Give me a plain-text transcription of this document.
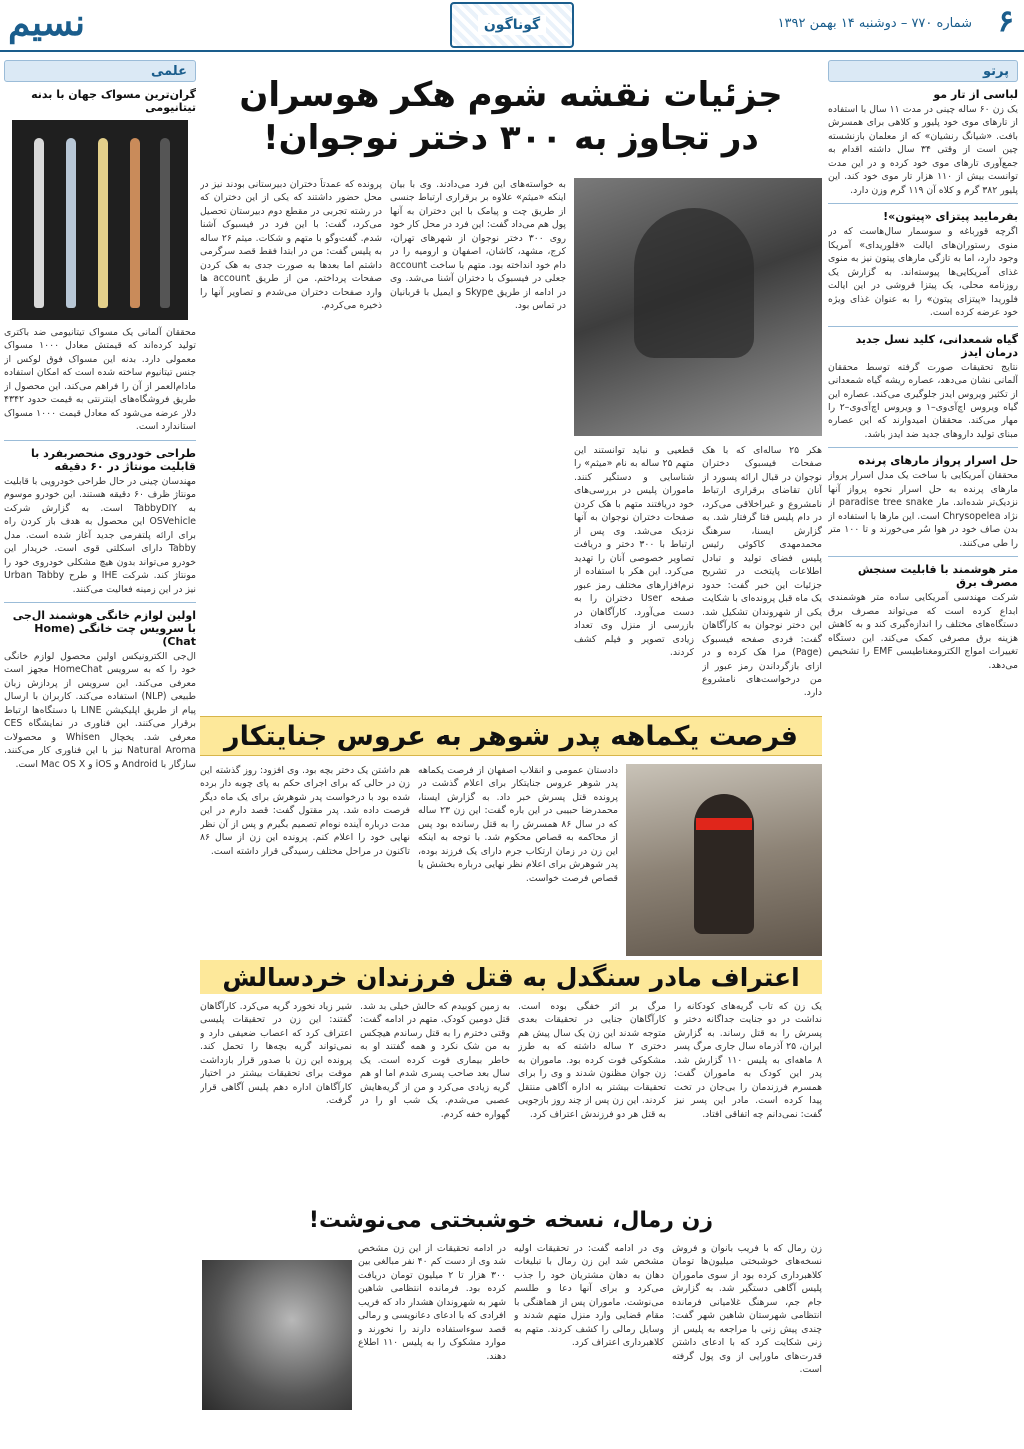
۶
شماره ۷۷۰ – دوشنبه ۱۴ بهمن ۱۳۹۲
گوناگون
نسیم
پرتو
لباسی از تار مو
یک زن ۶۰ ساله چینی در مدت ۱۱ سال با استفاده از تارهای موی خود پلیور و کلاهی برای همسرش بافت. «شیانگ رنشیان» که از معلمان بازنشسته چین است از وقتی ۳۴ سال داشته اقدام به جمع‌آوری تارهای موی خود کرده و در این مدت توانست بیش از ۱۱۰ هزار تار موی خود کند. این پلیور ۳۸۲ گرم و کلاه آن ۱۱۹ گرم وزن دارد.
بفرمایید پیتزای «پیتون»!
اگرچه قورباغه و سوسمار سال‌هاست که در منوی رستوران‌های ایالت «فلوریدای» آمریکا وجود دارد، اما به تازگی مارهای پیتون نیز به منوی غذای آمریکایی‌ها پیوسته‌اند. به گزارش یک روزنامه محلی، یک پیتزا فروشی در این ایالت فلوریدا «پیتزای پیتون» را به عنوان غذای ویژه خود عرضه کرده است.
گیاه شمعدانی، کلید نسل جدید درمان ایدز
نتایج تحقیقات صورت گرفته توسط محققان آلمانی نشان می‌دهد، عصاره ریشه گیاه شمعدانی از تکثیر ویروس ایدز جلوگیری می‌کند. عصاره این گیاه ویروس اچ‌آی‌وی–۱ و ویروس اچ‌آی‌وی–۲ را مهار می‌کند. محققان امیدوارند که این عصاره مبنای تولید داروهای جدید ضد ایدز باشد.
حل اسرار پرواز مارهای پرنده
محققان آمریکایی با ساخت یک مدل اسرار پرواز مارهای پرنده به حل اسرار نحوه پرواز آنها نزدیک‌تر شده‌اند. مار paradise tree snake از نژاد Chrysopelea است. این مارها با استفاده از بدن صاف خود در هوا سُر می‌خورند و تا ۱۰۰ متر را طی می‌کنند.
متر هوشمند با قابلیت سنجش مصرف برق
شرکت مهندسی آمریکایی ساده متر هوشمندی ابداع کرده است که می‌تواند مصرف برق دستگاه‌های مختلف را اندازه‌گیری کند و به کاهش هزینه برق مصرفی کمک می‌کند. این دستگاه تغییرات امواج الکترومغناطیسی EMF را تشخیص می‌دهد.
علمی
گران‌ترین مسواک جهان با بدنه تیتانیومی
محققان آلمانی یک مسواک تیتانیومی ضد باکتری تولید کرده‌اند که قیمتش معادل ۱۰۰۰ مسواک معمولی دارد. بدنه این مسواک فوق لوکس از جنس تیتانیوم ساخته شده است که امکان استفاده مادام‌العمر از آن را فراهم می‌کند. این محصول از طریق فروشگاه‌های اینترنتی به قیمت حدود ۴۳۴۲ دلار عرضه می‌شود که معادل قیمت ۱۰۰۰ مسواک استاندارد است.
طراحی خودروی منحصربفرد با قابلیت مونتاژ در ۶۰ دقیقه
مهندسان چینی در حال طراحی خودرویی با قابلیت مونتاژ ظرف ۶۰ دقیقه هستند. این خودرو موسوم به TabbyDIY است. به گزارش شرکت OSVehicle این محصول به هدف باز کردن راه برای ارائه پلتفرمی جدید آغاز شده است. مدل Tabby دارای اسکلتی قوی است. خریدار این خودرو می‌تواند بدون هیچ مشکلی خودروی خود را مونتاژ کند. شرکت IHE و طرح Urban Tabby نیز در این زمینه فعالیت می‌کنند.
اولین لوازم خانگی هوشمند ال‌جی با سرویس چت خانگی (Home Chat)
ال‌جی الکترونیکس اولین محصول لوازم خانگی خود را که به سرویس HomeChat مجهز است معرفی می‌کند. این سرویس از پردازش زبان طبیعی (NLP) استفاده می‌کند. کاربران با ارسال پیام از طریق اپلیکیشن LINE با دستگاه‌ها ارتباط برقرار می‌کنند. این فناوری در نمایشگاه CES معرفی شد. یخچال Whisen و محصولات Natural Aroma نیز با این فناوری کار می‌کنند. سازگار با Android و iOS و Mac OS X است.
جزئیات نقشه شوم هکر هوسران
در تجاوز به ۳۰۰ دختر نوجوان!
هکر ۲۵ ساله‌ای که با هک صفحات فیسبوک دختران نوجوان در قبال ارائه پسورد از آنان تقاضای برقراری ارتباط نامشروع و غیراخلاقی می‌کرد، در دام پلیس فتا گرفتار شد. به گزارش ایسنا، سرهنگ محمدمهدی کاکوئی رئیس پلیس فضای تولید و تبادل اطلاعات پایتخت در تشریح جزئیات این خبر گفت: حدود یک ماه قبل پرونده‌ای با شکایت یکی از شهروندان تشکیل شد. این دختر نوجوان به کارآگاهان گفت: فردی صفحه فیسبوک (Page) مرا هک کرده و در ازای بازگرداندن رمز عبور از من درخواست‌های نامشروع دارد.
قطعیی و نباید توانستند این متهم ۲۵ ساله به نام «میثم» را شناسایی و دستگیر کنند. ماموران پلیس در بررسی‌های خود دریافتند متهم با هک کردن صفحات دختران نوجوان به آنها نزدیک می‌شد. وی پس از ارتباط با ۳۰۰ دختر و دریافت تصاویر خصوصی آنان را تهدید می‌کرد. این هکر با استفاده از نرم‌افزارهای مختلف رمز عبور صفحه User دختران را به دست می‌آورد. کارآگاهان در بازرسی از منزل وی تعداد زیادی تصویر و فیلم کشف کردند.
به خواسته‌های این فرد می‌دادند. وی با بیان اینکه «میثم» علاوه بر برقراری ارتباط جنسی از طریق چت و پیامک با این دختران به آنها پول هم می‌داد گفت: این فرد در محل کار خود روی ۳۰۰ دختر نوجوان از شهرهای تهران، کرج، مشهد، کاشان، اصفهان و ارومیه را در دام خود انداخته بود. متهم با ساخت account جعلی در فیسبوک با دختران آشنا می‌شد. وی در ادامه از طریق Skype و ایمیل با قربانیان در تماس بود.
پرونده که عمدتاً دختران دبیرستانی بودند نیز در محل حضور داشتند که یکی از این دختران که در رشته تجربی در مقطع دوم دبیرستان تحصیل می‌کرد، گفت: با این فرد در فیسبوک آشنا شدم. گفت‌وگو با متهم و شکات. میثم ۲۶ ساله به پلیس گفت: من در ابتدا فقط قصد سرگرمی داشتم اما بعدها به صورت جدی به هک کردن صفحات پرداختم. من از طریق account ها وارد صفحات دختران می‌شدم و تصاویر آنها را ذخیره می‌کردم.
فرصت یکماهه پدر شوهر به عروس جنایتکار
دادستان عمومی و انقلاب اصفهان از فرصت یکماهه پدر شوهر عروس جنایتکار برای اعلام گذشت در پرونده قتل پسرش خبر داد. به گزارش ایسنا، محمدرضا حبیبی در این باره گفت: این زن ۲۳ ساله که در سال ۸۶ همسرش را به قتل رسانده بود پس از محاکمه به قصاص محکوم شد. با توجه به اینکه این زن در زمان ارتکاب جرم دارای یک فرزند بوده، پدر شوهرش برای اعلام نظر نهایی درباره بخشش یا قصاص فرصت خواست.
هم داشتن یک دختر بچه بود. وی افزود: روز گذشته این زن در حالی که برای اجرای حکم به پای چوبه دار برده شده بود با درخواست پدر شوهرش برای یک ماه دیگر فرصت داده شد. پدر مقتول گفت: قصد دارم در این مدت درباره آینده نوه‌ام تصمیم بگیرم و پس از آن نظر نهایی خود را اعلام کنم. پرونده این زن از سال ۸۶ تاکنون در مراحل مختلف رسیدگی قرار داشته است.
اعتراف مادر سنگدل به قتل فرزندان خردسالش
یک زن که تاب گریه‌های کودکانه را نداشت در دو جنایت جداگانه دختر و پسرش را به قتل رساند. به گزارش ایران، ۲۵ آذرماه سال جاری مرگ پسر ۸ ماهه‌ای به پلیس ۱۱۰ گزارش شد. پدر این کودک به ماموران گفت: همسرم فرزندمان را بی‌جان در تخت پیدا کرده است. مادر این پسر نیز گفت: نمی‌دانم چه اتفاقی افتاد.
مرگ بر اثر خفگی بوده است. کارآگاهان جنایی در تحقیقات بعدی متوجه شدند این زن یک سال پیش هم دختری ۲ ساله داشته که به طرز مشکوکی فوت کرده بود. ماموران به زن جوان مظنون شدند و وی را برای تحقیقات بیشتر به اداره آگاهی منتقل کردند. این زن پس از چند روز بازجویی به قتل هر دو فرزندش اعتراف کرد.
به زمین کوبیدم که حالش خیلی بد شد. قتل دومین کودک. متهم در ادامه گفت: وقتی دخترم را به قتل رساندم هیچکس به من شک نکرد و همه گفتند او به خاطر بیماری فوت کرده است. یک سال بعد صاحب پسری شدم اما او هم گریه زیادی می‌کرد و من از گریه‌هایش عصبی می‌شدم. یک شب او را در گهواره خفه کردم.
شیر زیاد نخورد گریه می‌کرد. کارآگاهان گفتند: این زن در تحقیقات پلیسی اعتراف کرد که اعصاب ضعیفی دارد و نمی‌تواند گریه بچه‌ها را تحمل کند. پرونده این زن با صدور قرار بازداشت موقت برای تحقیقات بیشتر در اختیار کارآگاهان اداره دهم پلیس آگاهی قرار گرفت.
زن رمال، نسخه خوشبختی می‌نوشت!
زن رمال که با فریب بانوان و فروش نسخه‌های خوشبختی میلیون‌ها تومان کلاهبرداری کرده بود از سوی ماموران پلیس آگاهی دستگیر شد. به گزارش جام جم، سرهنگ غلامیانی فرمانده انتظامی شهرستان شاهین شهر گفت: چندی پیش زنی با مراجعه به پلیس از زنی شکایت کرد که با ادعای داشتن قدرت‌های ماورایی از وی پول گرفته است.
وی در ادامه گفت: در تحقیقات اولیه مشخص شد این زن رمال با تبلیغات دهان به دهان مشتریان خود را جذب می‌کرد و برای آنها دعا و طلسم می‌نوشت. ماموران پس از هماهنگی با مقام قضایی وارد منزل متهم شدند و وسایل رمالی را کشف کردند. متهم به کلاهبرداری اعتراف کرد.
در ادامه تحقیقات از این زن مشخص شد وی از دست کم ۴۰ نفر مبالغی بین ۳۰۰ هزار تا ۲ میلیون تومان دریافت کرده بود. فرمانده انتظامی شاهین شهر به شهروندان هشدار داد که فریب افرادی که با ادعای دعانویسی و رمالی قصد سوءاستفاده دارند را نخورند و موارد مشکوک را به پلیس ۱۱۰ اطلاع دهند.
